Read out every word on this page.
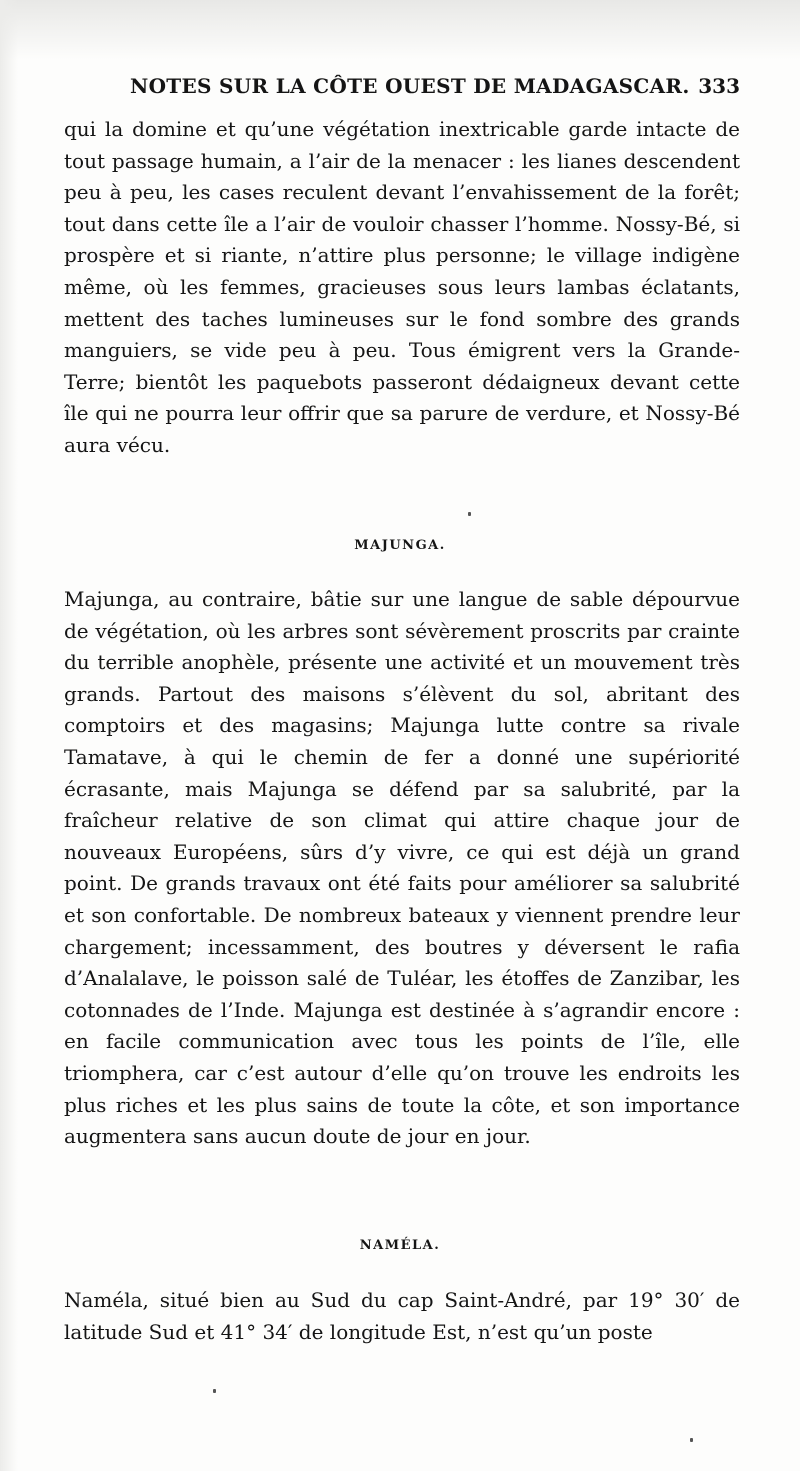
NOTES SUR LA CÔTE OUEST DE MADAGASCAR. 333

qui la domine et qu’une végétation inextricable garde intacte de tout passage humain, a l’air de la menacer : les lianes descendent peu à peu, les cases reculent devant l’envahissement de la forêt; tout dans cette île a l’air de vouloir chasser l’homme. Nossy-Bé, si prospère et si riante, n’attire plus personne; le village indigène même, où les femmes, gracieuses sous leurs lambas éclatants, mettent des taches lumineuses sur le fond sombre des grands manguiers, se vide peu à peu. Tous émigrent vers la Grande-Terre; bientôt les paquebots passeront dédaigneux devant cette île qui ne pourra leur offrir que sa parure de verdure, et Nossy-Bé aura vécu.

MAJUNGA.

Majunga, au contraire, bâtie sur une langue de sable dépourvue de végétation, où les arbres sont sévèrement proscrits par crainte du terrible anophèle, présente une activité et un mouvement très grands. Partout des maisons s’élèvent du sol, abritant des comptoirs et des magasins; Majunga lutte contre sa rivale Tamatave, à qui le chemin de fer a donné une supériorité écrasante, mais Majunga se défend par sa salubrité, par la fraîcheur relative de son climat qui attire chaque jour de nouveaux Européens, sûrs d’y vivre, ce qui est déjà un grand point. De grands travaux ont été faits pour améliorer sa salubrité et son confortable. De nombreux bateaux y viennent prendre leur chargement; incessamment, des boutres y déversent le rafia d’Analalave, le poisson salé de Tuléar, les étoffes de Zanzibar, les cotonnades de l’Inde. Majunga est destinée à s’agrandir encore : en facile communication avec tous les points de l’île, elle triomphera, car c’est autour d’elle qu’on trouve les endroits les plus riches et les plus sains de toute la côte, et son importance augmentera sans aucun doute de jour en jour.

NAMÉLA.

Naméla, situé bien au Sud du cap Saint-André, par 19° 30′ de latitude Sud et 41° 34′ de longitude Est, n’est qu’un poste
